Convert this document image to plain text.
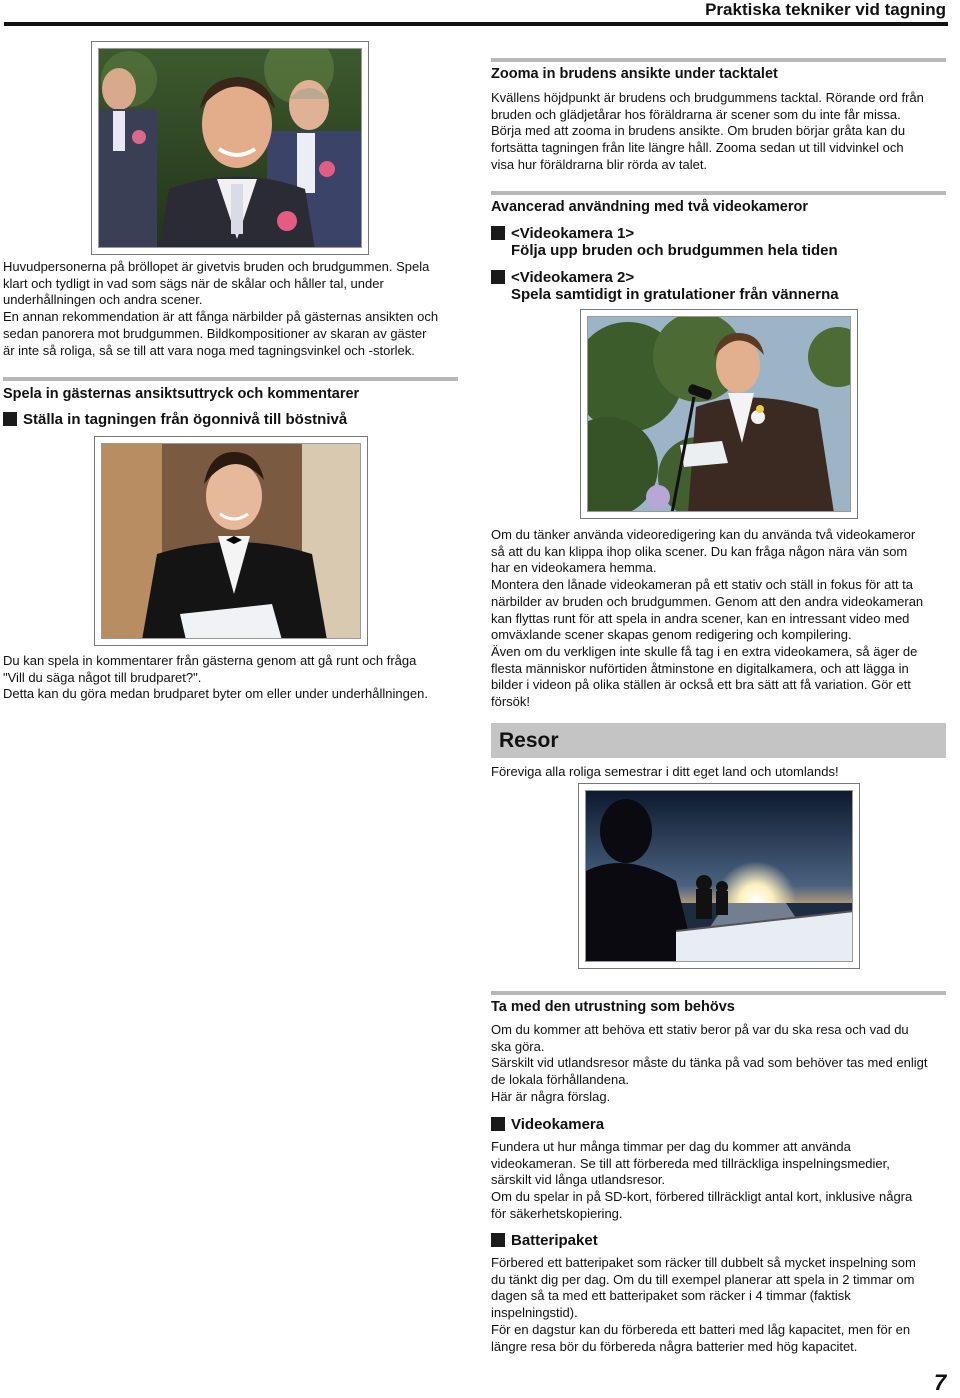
Praktiska tekniker vid tagning

Huvudpersonerna på bröllopet är givetvis bruden och brudgummen. Spela

klart och tydligt in vad som sägs när de skålar och håller tal, under

underhållningen och andra scener.

En annan rekommendation är att fånga närbilder på gästernas ansikten och

sedan panorera mot brudgummen. Bildkompositioner av skaran av gäster

är inte så roliga, så se till att vara noga med tagningsvinkel och -storlek.

Spela in gästernas ansiktsuttryck och kommentarer
Ställa in tagningen från ögonnivå till böstnivå

Du kan spela in kommentarer från gästerna genom att gå runt och fråga

"Vill du säga något till brudparet?".

Detta kan du göra medan brudparet byter om eller under underhållningen.

Zooma in brudens ansikte under tacktalet

Kvällens höjdpunkt är brudens och brudgummens tacktal. Rörande ord från

bruden och glädjetårar hos föräldrarna är scener som du inte får missa.

Börja med att zooma in brudens ansikte. Om bruden börjar gråta kan du

fortsätta tagningen från lite längre håll. Zooma sedan ut till vidvinkel och

visa hur föräldrarna blir rörda av talet.

Avancerad användning med två videokameror
<Videokamera 1>
Följa upp bruden och brudgummen hela tiden
<Videokamera 2>
Spela samtidigt in gratulationer från vännerna

Om du tänker använda videoredigering kan du använda två videokameror

så att du kan klippa ihop olika scener. Du kan fråga någon nära vän som

har en videokamera hemma.

Montera den lånade videokameran på ett stativ och ställ in fokus för att ta

närbilder av bruden och brudgummen. Genom att den andra videokameran

kan flyttas runt för att spela in andra scener, kan en intressant video med

omväxlande scener skapas genom redigering och kompilering.

Även om du verkligen inte skulle få tag i en extra videokamera, så äger de

flesta människor nuförtiden åtminstone en digitalkamera, och att lägga in

bilder i videon på olika ställen är också ett bra sätt att få variation. Gör ett

försök!

Resor
Föreviga alla roliga semestrar i ditt eget land och utomlands!
Ta med den utrustning som behövs

Om du kommer att behöva ett stativ beror på var du ska resa och vad du

ska göra.

Särskilt vid utlandsresor måste du tänka på vad som behöver tas med enligt

de lokala förhållandena.

Här är några förslag.

Videokamera

Fundera ut hur många timmar per dag du kommer att använda

videokameran. Se till att förbereda med tillräckliga inspelningsmedier,

särskilt vid långa utlandsresor.

Om du spelar in på SD-kort, förbered tillräckligt antal kort, inklusive några

för säkerhetskopiering.

Batteripaket

Förbered ett batteripaket som räcker till dubbelt så mycket inspelning som

du tänkt dig per dag. Om du till exempel planerar att spela in 2 timmar om

dagen så ta med ett batteripaket som räcker i 4 timmar (faktisk

inspelningstid).

För en dagstur kan du förbereda ett batteri med låg kapacitet, men för en

längre resa bör du förbereda några batterier med hög kapacitet.

7
